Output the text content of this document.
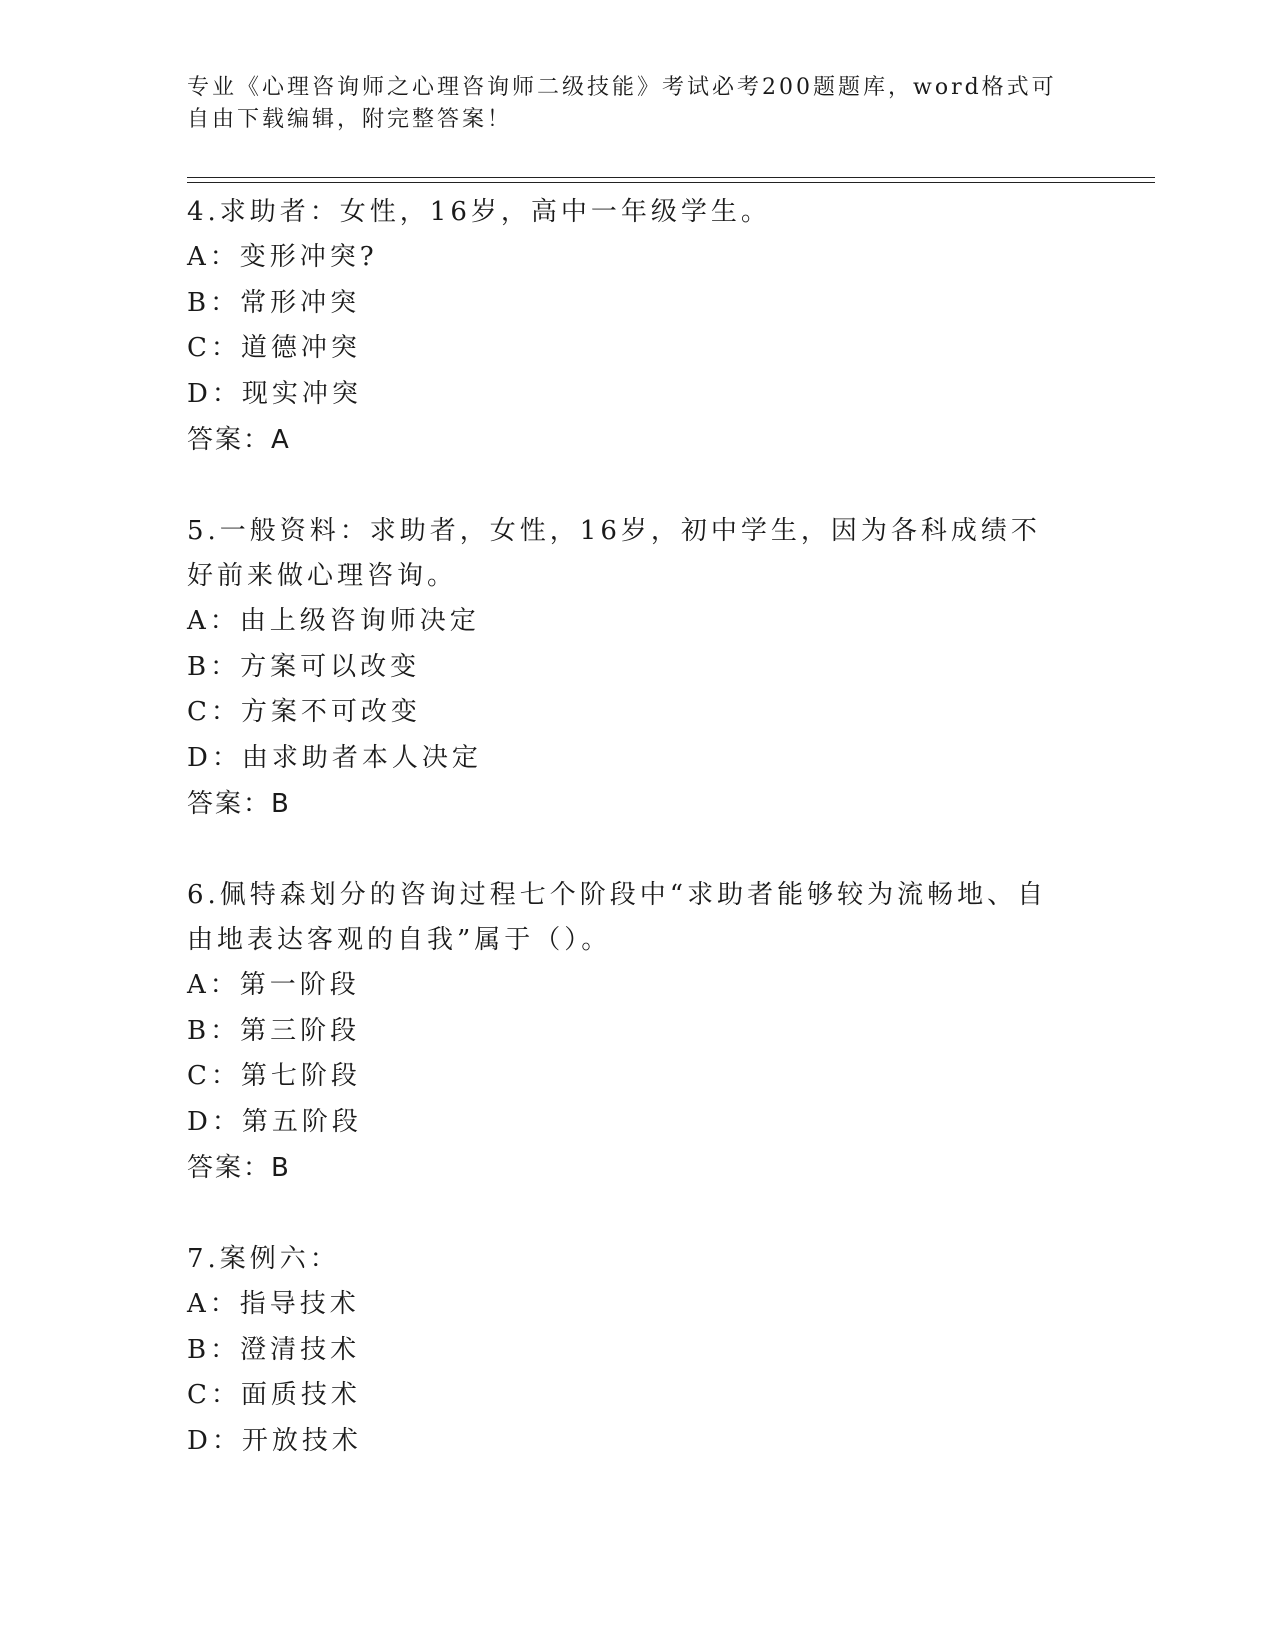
专业《心理咨询师之心理咨询师二级技能》考试必考200题题库，word格式可自由下载编辑，附完整答案！

4.求助者：女性，16岁，高中一年级学生。

A：变形冲突?

B：常形冲突

C：道德冲突

D：现实冲突

答案：A

5.一般资料：求助者，女性，16岁，初中学生，因为各科成绩不好前来做心理咨询。

A：由上级咨询师决定

B：方案可以改变

C：方案不可改变

D：由求助者本人决定

答案：B

6.佩特森划分的咨询过程七个阶段中“求助者能够较为流畅地、自由地表达客观的自我”属于（）。

A：第一阶段

B：第三阶段

C：第七阶段

D：第五阶段

答案：B

7.案例六：

A：指导技术

B：澄清技术

C：面质技术

D：开放技术
